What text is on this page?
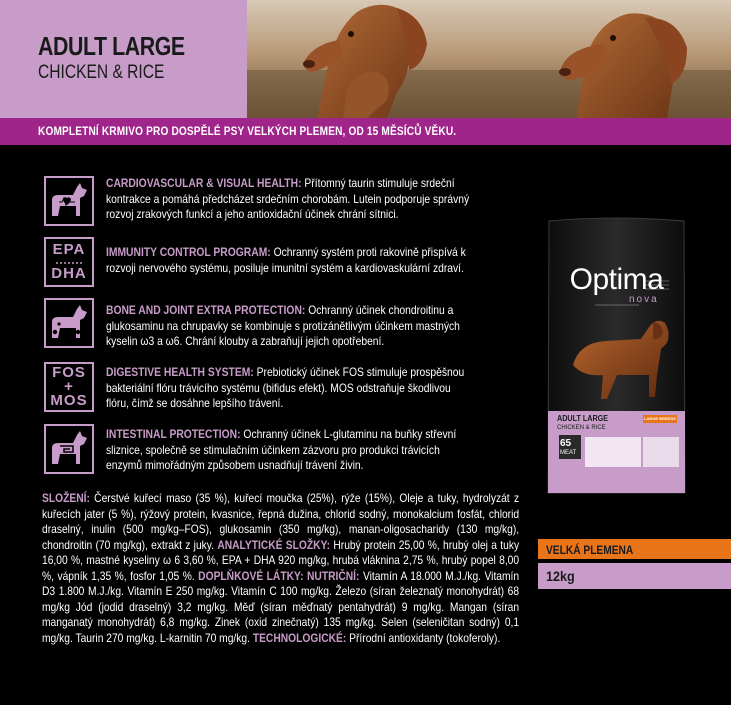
ADULT LARGE
CHICKEN & RICE
KOMPLETNÍ KRMIVO PRO DOSPĚLÉ PSY VELKÝCH PLEMEN, OD 15 MĚSÍCŮ VĚKU.
CARDIOVASCULAR & VISUAL HEALTH: Přítomný taurin stimuluje srdeční kontrakce a pomáhá předcházet srdečním chorobám. Lutein podporuje správný rozvoj zrakových funkcí a jeho antioxidační účinek chrání sítnici.
EPA
DHA
IMMUNITY CONTROL PROGRAM: Ochranný systém proti rakovině přispívá k rozvoji nervového systému, posiluje imunitní systém a kardiovaskulární zdraví.
BONE AND JOINT EXTRA PROTECTION: Ochranný účinek chondroitinu a glukosaminu na chrupavky se kombinuje s protizánětlivým účinkem mastných kyselin ω3 a ω6. Chrání klouby a zabraňují jejich opotřebení.
FOS
+
MOS
DIGESTIVE HEALTH SYSTEM: Prebiotický účinek FOS stimuluje prospěšnou bakteriální flóru trávicího systému (bifidus efekt). MOS odstraňuje škodlivou flóru, čímž se dosáhne lepšího trávení.
INTESTINAL PROTECTION: Ochranný účinek L-glutaminu na buňky střevní sliznice, společně se stimulačním účinkem zázvoru pro produkci trávicích enzymů mimořádným způsobem usnadňují trávení živin.
Optima
nova
ADULT LARGE
CHICKEN & RICE
LARGE BREEDS
65
MEAT
VELKÁ PLEMENA
12kg
SLOŽENÍ: Čerstvé kuřecí maso (35 %), kuřecí moučka (25%), rýže (15%), Oleje a tuky, hydrolyzát z kuřecích jater (5 %), rýžový protein, kvasnice, řepná dužina, chlorid sodný, monokalcium fosfát, chlorid draselný, inulin (500 mg/kg–FOS), glukosamin (350 mg/kg), manan-oligosacharidy (130 mg/kg), chondroitin (70 mg/kg), extrakt z juky. ANALYTICKÉ SLOŽKY: Hrubý protein 25,00 %, hrubý olej a tuky 16,00 %, mastné kyseliny ω 6 3,60 %, EPA + DHA 920 mg/kg, hrubá vláknina 2,75 %, hrubý popel 8,00 %, vápník 1,35 %, fosfor 1,05 %. DOPLŇKOVÉ LÁTKY: NUTRIČNÍ: Vitamín A 18.000 M.J./kg. Vitamín D3 1.800 M.J./kg. Vitamín E 250 mg/kg. Vitamín C 100 mg/kg. Železo (síran železnatý monohydrát) 68 mg/kg Jód (jodid draselný) 3,2 mg/kg. Měď (síran měďnatý pentahydrát) 9 mg/kg. Mangan (síran manganatý monohydrát) 6,8 mg/kg. Zinek (oxid zinečnatý) 135 mg/kg. Selen (seleničitan sodný) 0,1 mg/kg. Taurin 270 mg/kg. L-karnitin 70 mg/kg. TECHNOLOGICKÉ: Přírodní antioxidanty (tokoferoly).
